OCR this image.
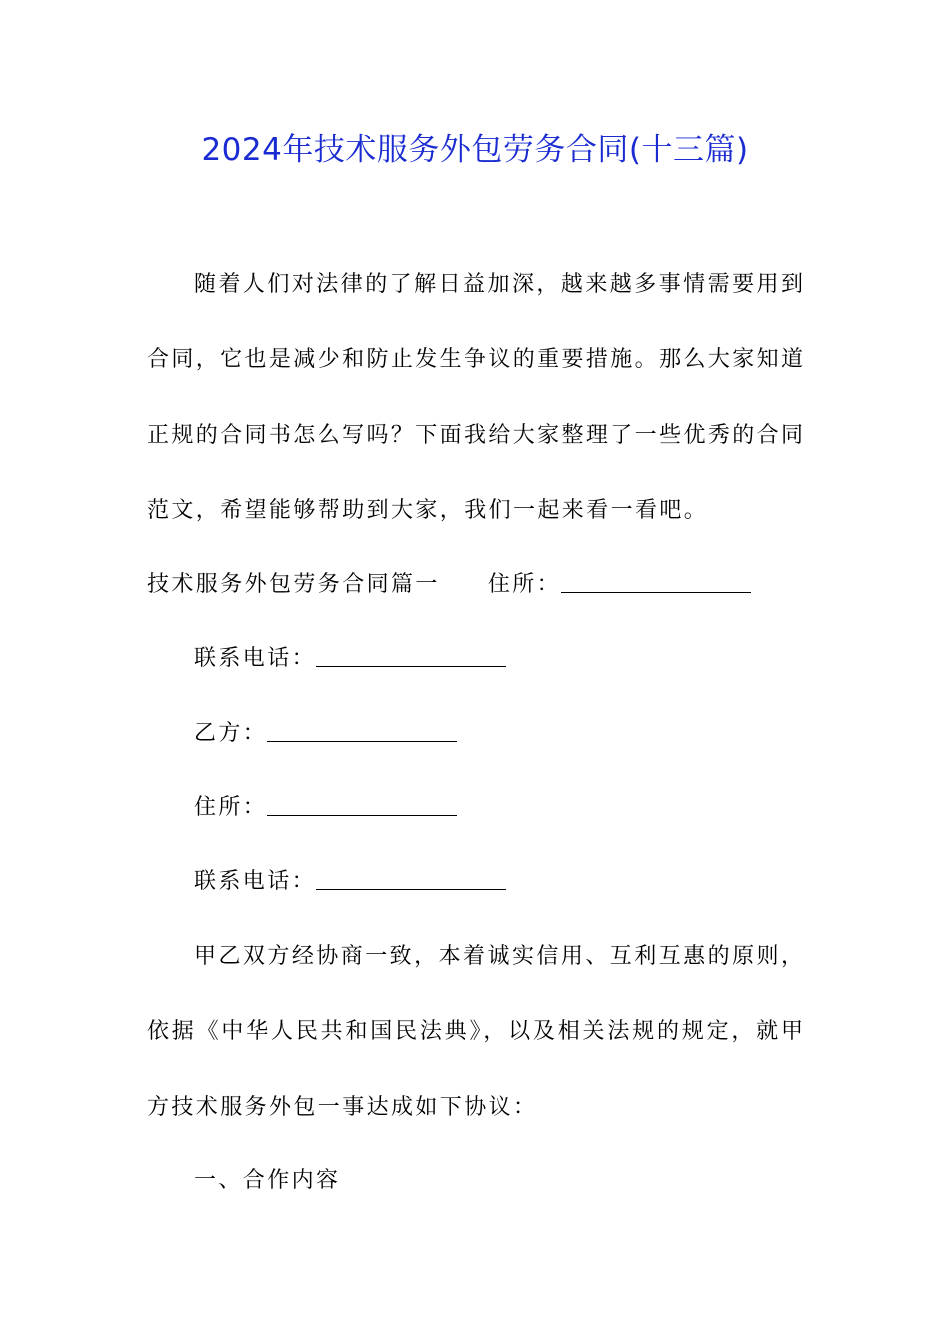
2024年技术服务外包劳务合同(十三篇)
随着人们对法律的了解日益加深，越来越多事情需要用到
合同，它也是减少和防止发生争议的重要措施。那么大家知道
正规的合同书怎么写吗？下面我给大家整理了一些优秀的合同
范文，希望能够帮助到大家，我们一起来看一看吧。
技术服务外包劳务合同篇一 住所：
联系电话：
乙方：
住所：
联系电话：
甲乙双方经协商一致，本着诚实信用、互利互惠的原则，
依据《中华人民共和国民法典》，以及相关法规的规定，就甲
方技术服务外包一事达成如下协议：
一、合作内容
